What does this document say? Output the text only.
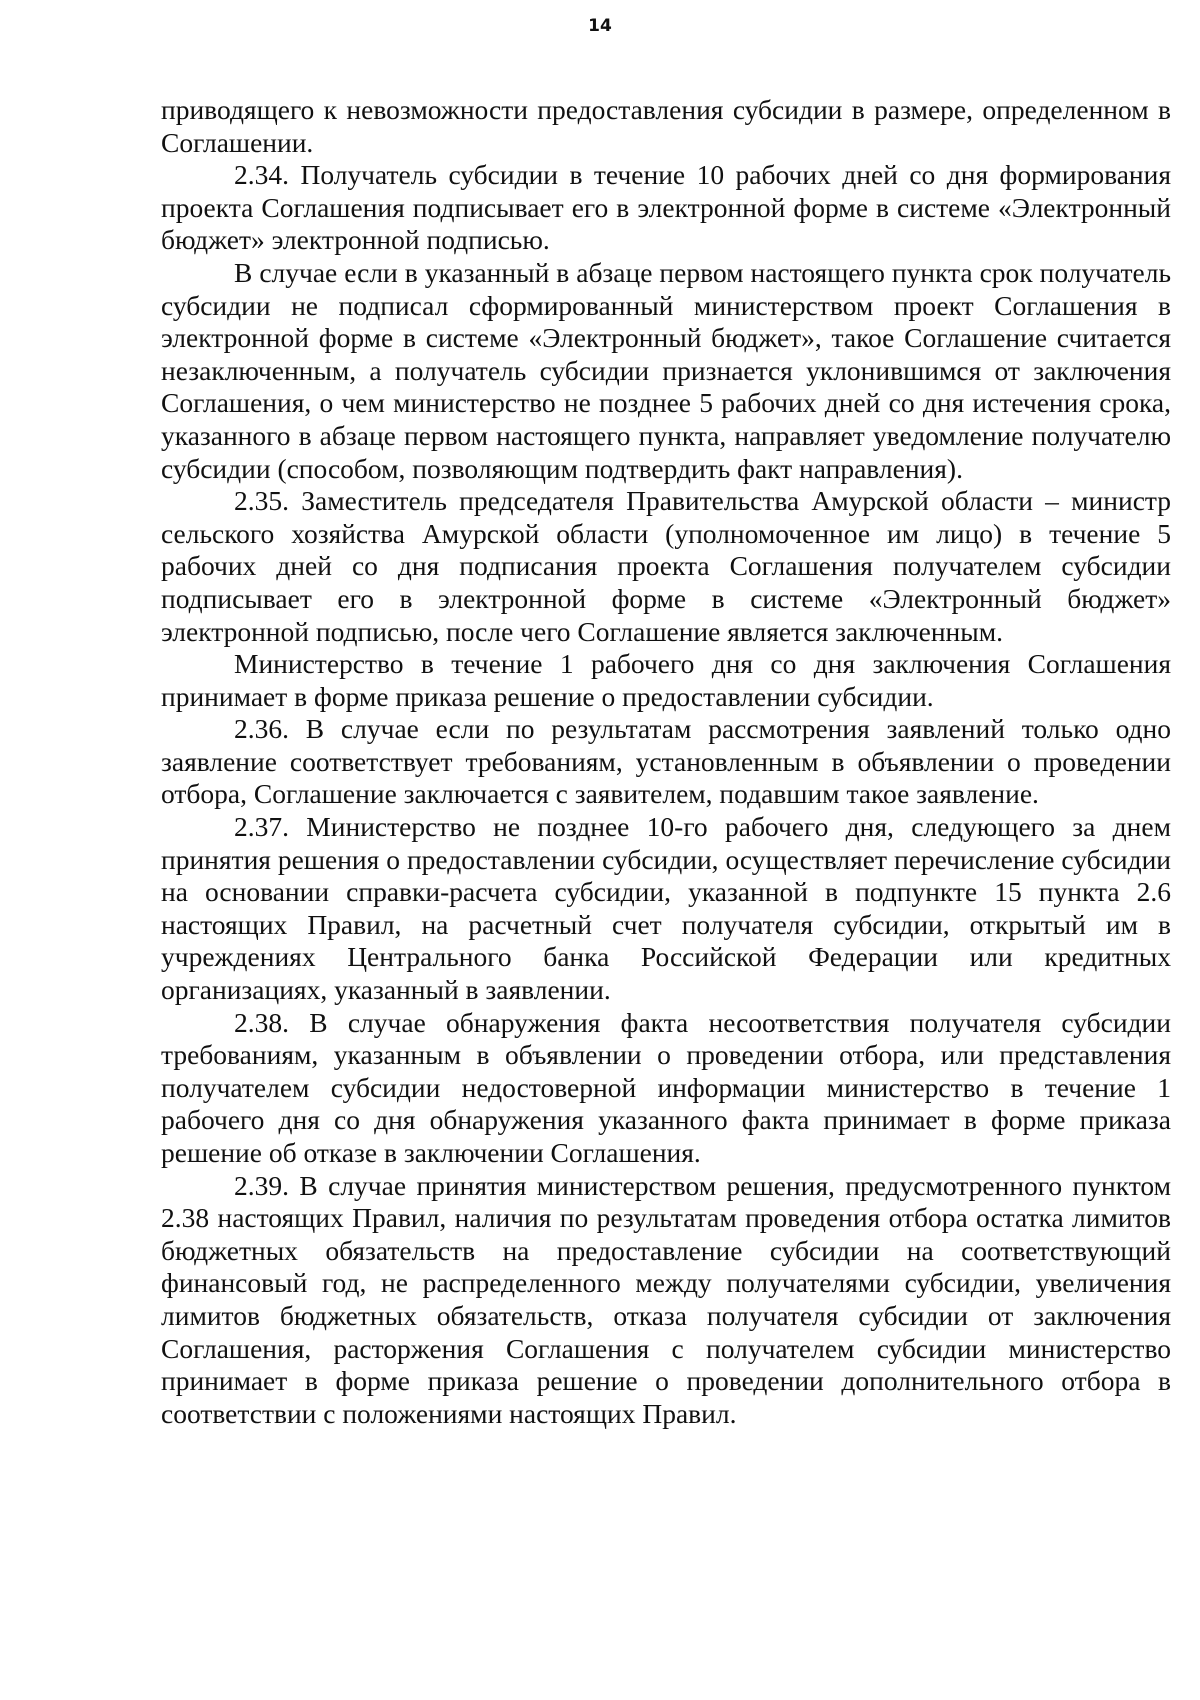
14

приводящего к невозможности предоставления субсидии в размере, определенном в Соглашении.

2.34. Получатель субсидии в течение 10 рабочих дней со дня формирования проекта Соглашения подписывает его в электронной форме в системе «Электронный бюджет» электронной подписью.

В случае если в указанный в абзаце первом настоящего пункта срок получатель субсидии не подписал сформированный министерством проект Соглашения в электронной форме в системе «Электронный бюджет», такое Соглашение считается незаключенным, а получатель субсидии признается уклонившимся от заключения Соглашения, о чем министерство не позднее 5 рабочих дней со дня истечения срока, указанного в абзаце первом настоящего пункта, направляет уведомление получателю субсидии (способом, позволяющим подтвердить факт направления).

2.35. Заместитель председателя Правительства Амурской области – министр сельского хозяйства Амурской области (уполномоченное им лицо) в течение 5 рабочих дней со дня подписания проекта Соглашения получателем субсидии подписывает его в электронной форме в системе «Электронный бюджет» электронной подписью, после чего Соглашение является заключенным.

Министерство в течение 1 рабочего дня со дня заключения Соглашения принимает в форме приказа решение о предоставлении субсидии.

2.36. В случае если по результатам рассмотрения заявлений только одно заявление соответствует требованиям, установленным в объявлении о проведении отбора, Соглашение заключается с заявителем, подавшим такое заявление.

2.37. Министерство не позднее 10-го рабочего дня, следующего за днем принятия решения о предоставлении субсидии, осуществляет перечисление субсидии на основании справки-расчета субсидии, указанной в подпункте 15 пункта 2.6 настоящих Правил, на расчетный счет получателя субсидии, открытый им в учреждениях Центрального банка Российской Федерации или кредитных организациях, указанный в заявлении.

2.38. В случае обнаружения факта несоответствия получателя субсидии требованиям, указанным в объявлении о проведении отбора, или представления получателем субсидии недостоверной информации министерство в течение 1 рабочего дня со дня обнаружения указанного факта принимает в форме приказа решение об отказе в заключении Соглашения.

2.39. В случае принятия министерством решения, предусмотренного пунктом 2.38 настоящих Правил, наличия по результатам проведения отбора остатка лимитов бюджетных обязательств на предоставление субсидии на соответствующий финансовый год, не распределенного между получателями субсидии, увеличения лимитов бюджетных обязательств, отказа получателя субсидии от заключения Соглашения, расторжения Соглашения с получателем субсидии министерство принимает в форме приказа решение о проведении дополнительного отбора в соответствии с положениями настоящих Правил.
